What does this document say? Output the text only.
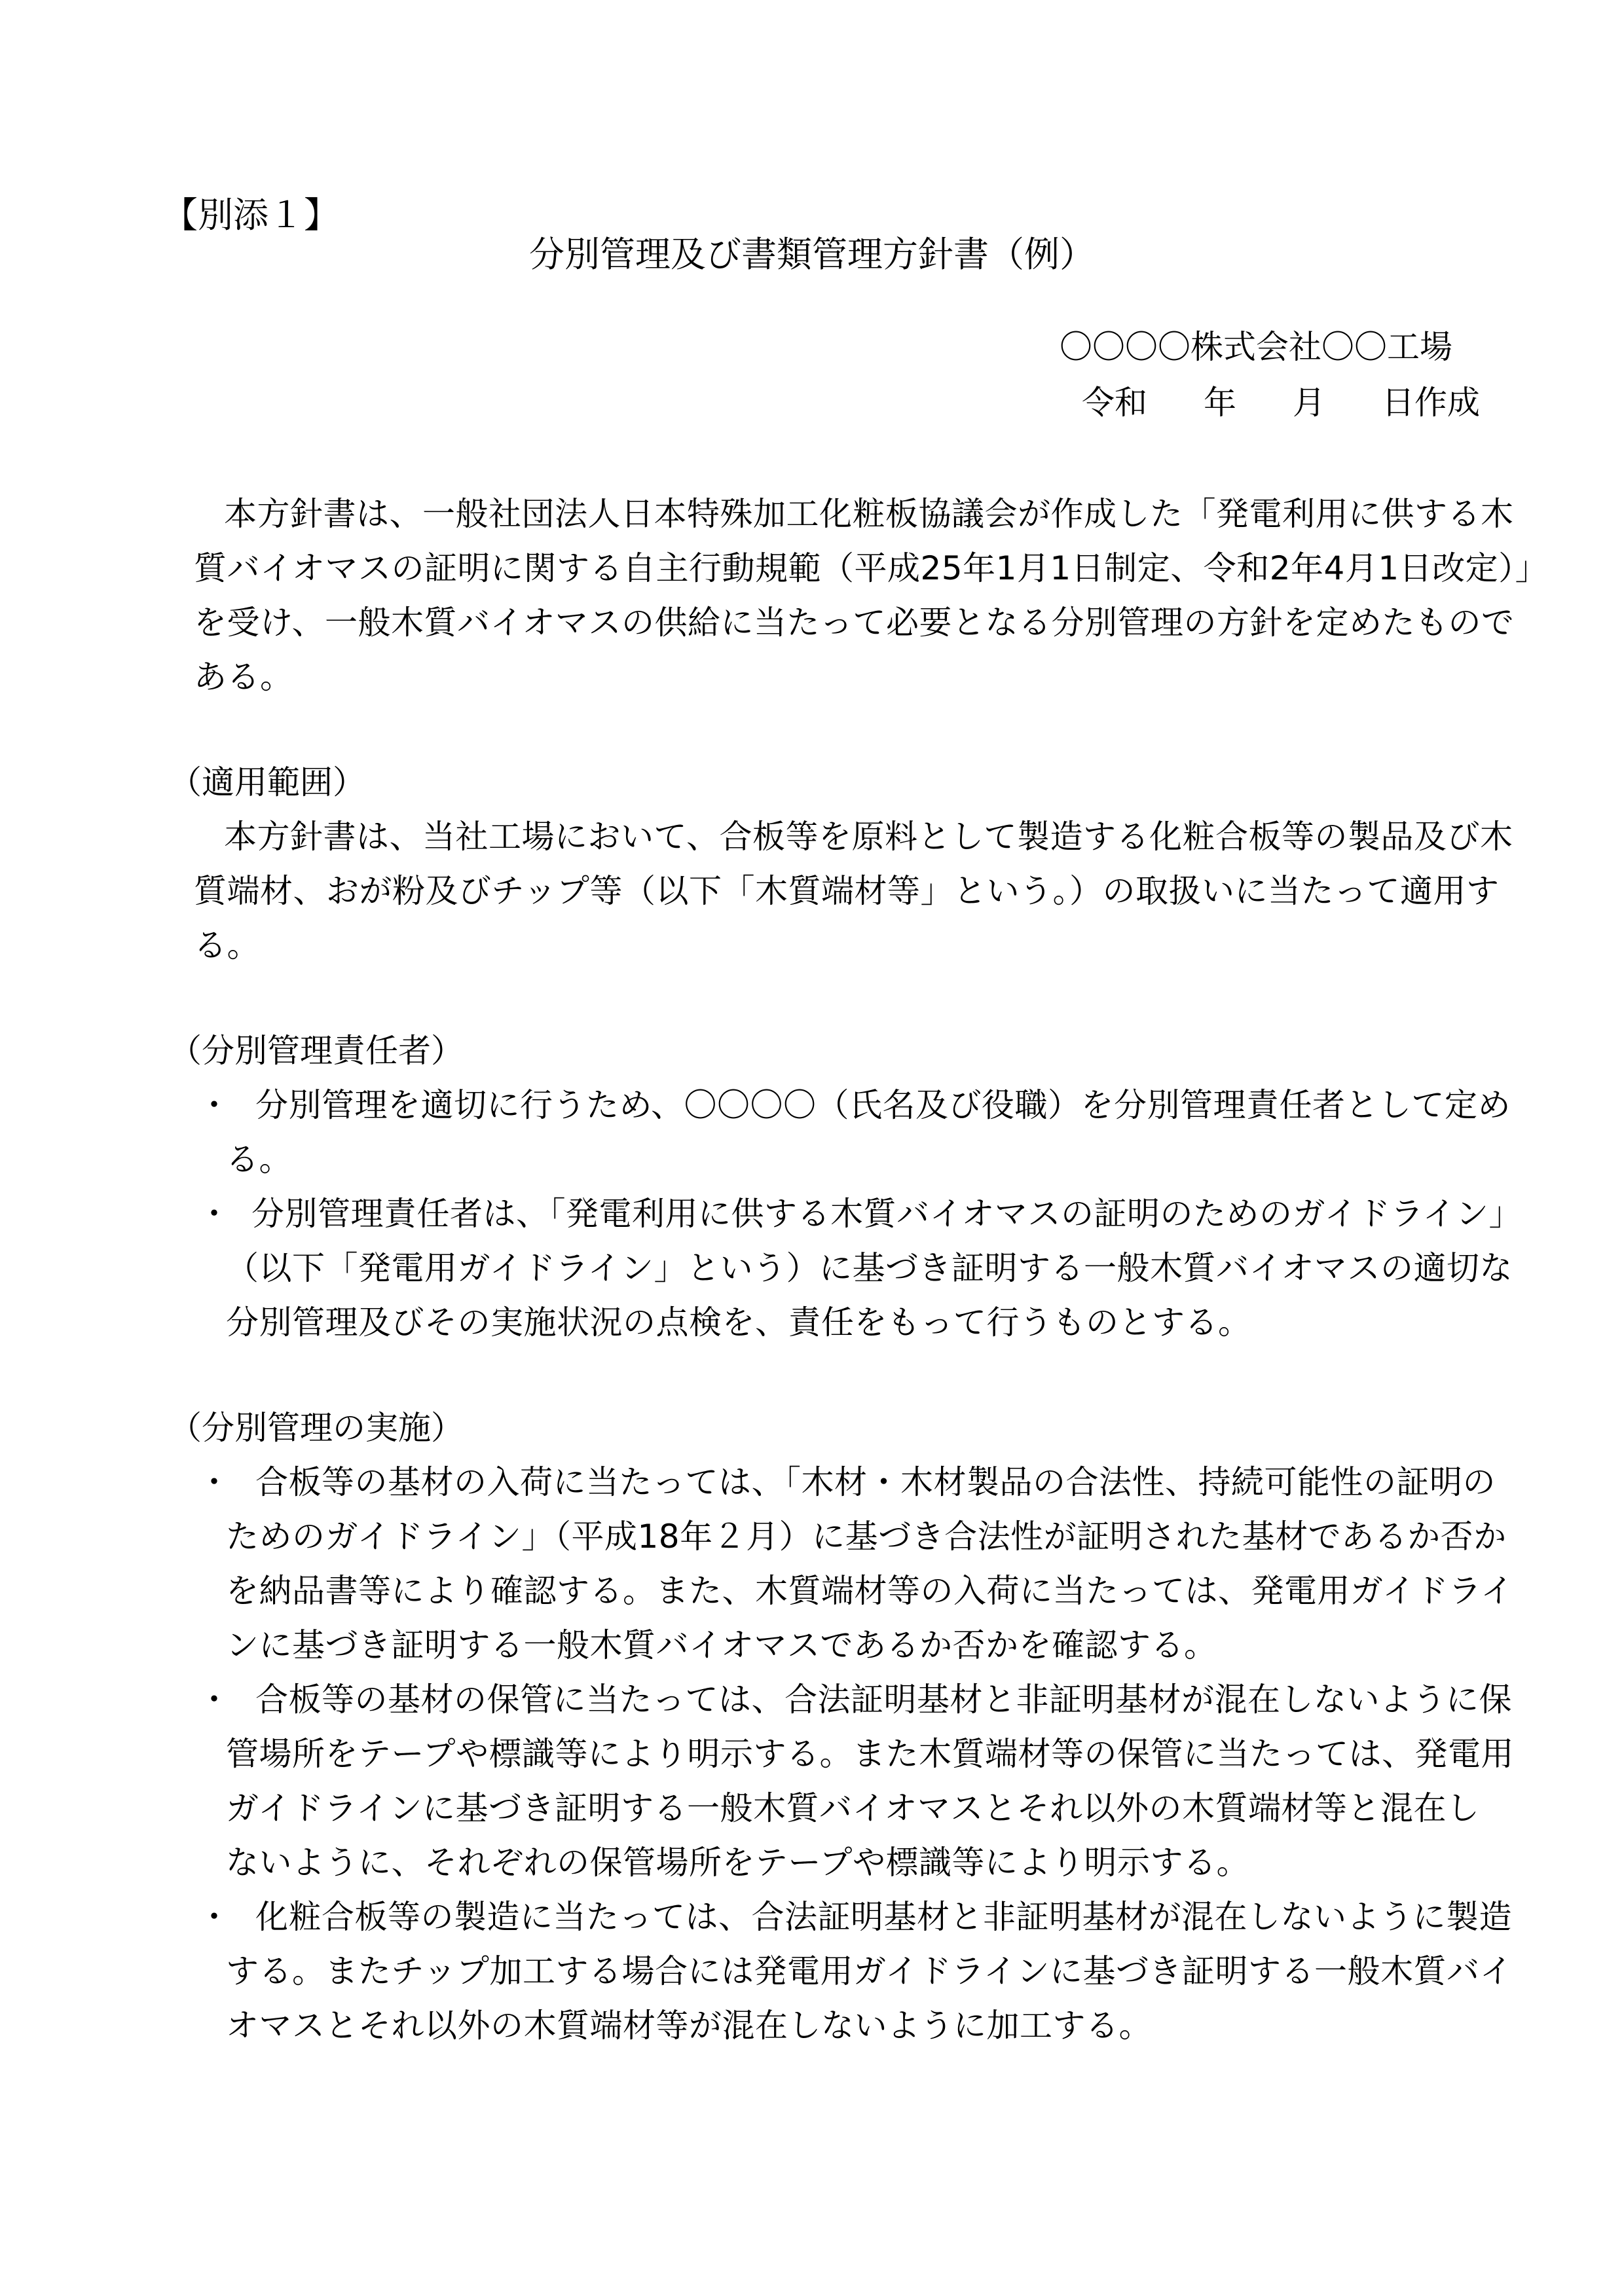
【別添１】

分別管理及び書類管理方針書（例）

〇〇〇〇株式会社〇〇工場

令和 年 月 日作成

本方針書は、一般社団法人日本特殊加工化粧板協議会が作成した「発電利用に供する木

質バイオマスの証明に関する自主行動規範（平成25年1月1日制定、令和2年4月1日改定）」

を受け、一般木質バイオマスの供給に当たって必要となる分別管理の方針を定めたもので

ある。

（適用範囲）

本方針書は、当社工場において、合板等を原料として製造する化粧合板等の製品及び木

質端材、おが粉及びチップ等（以下「木質端材等」という。）の取扱いに当たって適用す

る。

（分別管理責任者）

・ 分別管理を適切に行うため、〇〇〇〇（氏名及び役職）を分別管理責任者として定め

る。

・ 分別管理責任者は、「発電利用に供する木質バイオマスの証明のためのガイドライン」

（以下「発電用ガイドライン」という）に基づき証明する一般木質バイオマスの適切な

分別管理及びその実施状況の点検を、責任をもって行うものとする。

（分別管理の実施）

・ 合板等の基材の入荷に当たっては、「木材・木材製品の合法性、持続可能性の証明の

ためのガイドライン」（平成18年２月）に基づき合法性が証明された基材であるか否か

を納品書等により確認する。また、木質端材等の入荷に当たっては、発電用ガイドライ

ンに基づき証明する一般木質バイオマスであるか否かを確認する。

・ 合板等の基材の保管に当たっては、合法証明基材と非証明基材が混在しないように保

管場所をテープや標識等により明示する。また木質端材等の保管に当たっては、発電用

ガイドラインに基づき証明する一般木質バイオマスとそれ以外の木質端材等と混在し

ないように、それぞれの保管場所をテープや標識等により明示する。

・ 化粧合板等の製造に当たっては、合法証明基材と非証明基材が混在しないように製造

する。またチップ加工する場合には発電用ガイドラインに基づき証明する一般木質バイ

オマスとそれ以外の木質端材等が混在しないように加工する。
